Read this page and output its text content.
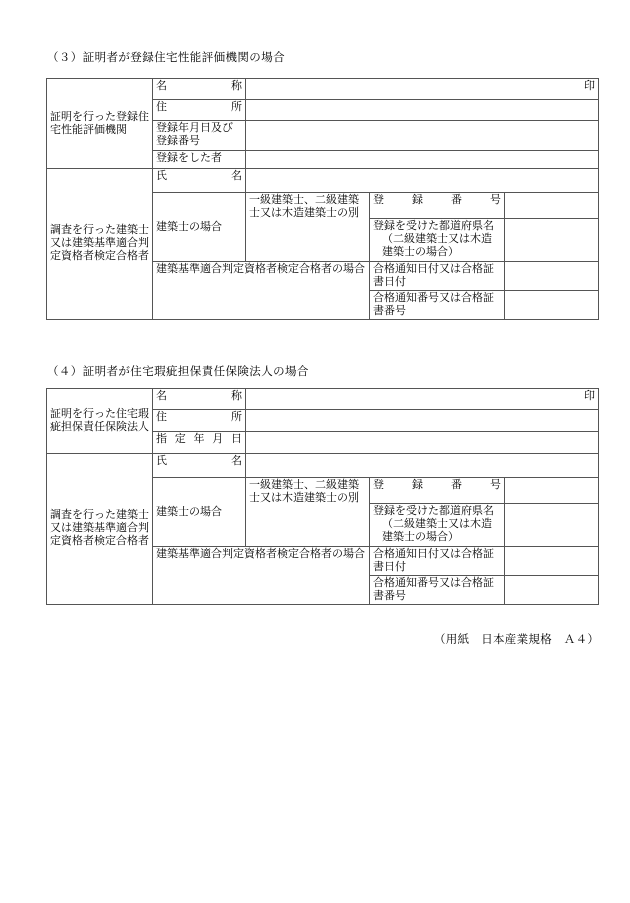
（３）証明者が登録住宅性能評価機関の場合
証明を行った登録住宅性能評価機関	名 称	印		

	住 所			

	登録年月日及び登録番号			
	登録をした者			
調査を行った建築士又は建築基準適合判定資格者検定合格者	氏 名			

	建築士の場合	一級建築士、二級建築士又は木造建築士の別	登 録 番 号	

			登録を受けた都道府県名
（二級建築士又は木造建築士の場合）	

	建築基準適合判定資格者検定合格者の場合		合格通知日付又は合格証書日付	
			合格通知番号又は合格証書番号	
（４）証明者が住宅瑕疵担保責任保険法人の場合
証明を行った住宅瑕疵担保責任保険法人	名 称	印		

	住 所			

	指 定 年 月 日			

調査を行った建築士又は建築基準適合判定資格者検定合格者	氏 名			

	建築士の場合	一級建築士、二級建築士又は木造建築士の別	登 録 番 号	

			登録を受けた都道府県名
（二級建築士又は木造建築士の場合）	

	建築基準適合判定資格者検定合格者の場合		合格通知日付又は合格証書日付	
			合格通知番号又は合格証書番号	
（用紙　日本産業規格　Ａ４）
